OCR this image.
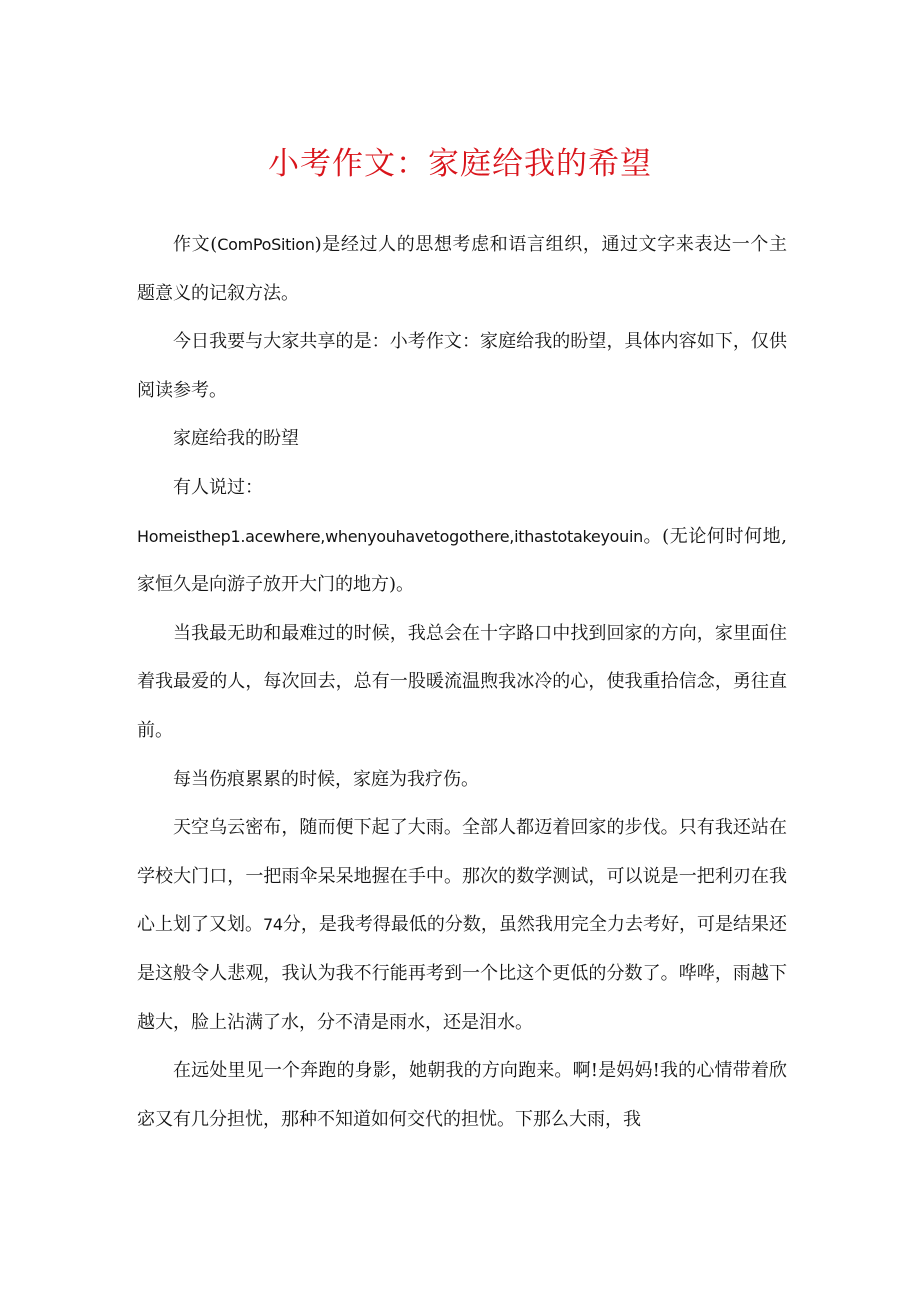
小考作文：家庭给我的希望

作文(ComPoSition)是经过人的思想考虑和语言组织，通过文字来表达一个主题意义的记叙方法。

今日我要与大家共享的是：小考作文：家庭给我的盼望，具体内容如下，仅供阅读参考。

家庭给我的盼望

有人说过：

Homeisthep1.acewhere,whenyouhavetogothere,ithastotakeyouin。(无论何时何地,家恒久是向游子放开大门的地方)。

当我最无助和最难过的时候，我总会在十字路口中找到回家的方向，家里面住着我最爱的人，每次回去，总有一股暖流温煦我冰冷的心，使我重拾信念，勇往直前。

每当伤痕累累的时候，家庭为我疗伤。

天空乌云密布，随而便下起了大雨。全部人都迈着回家的步伐。只有我还站在学校大门口，一把雨伞呆呆地握在手中。那次的数学测试，可以说是一把利刃在我心上划了又划。74分，是我考得最低的分数，虽然我用完全力去考好，可是结果还是这般令人悲观，我认为我不行能再考到一个比这个更低的分数了。哗哗，雨越下越大，脸上沾满了水，分不清是雨水，还是泪水。

在远处里见一个奔跑的身影，她朝我的方向跑来。啊!是妈妈!我的心情带着欣宓又有几分担忧，那种不知道如何交代的担忧。下那么大雨，我
